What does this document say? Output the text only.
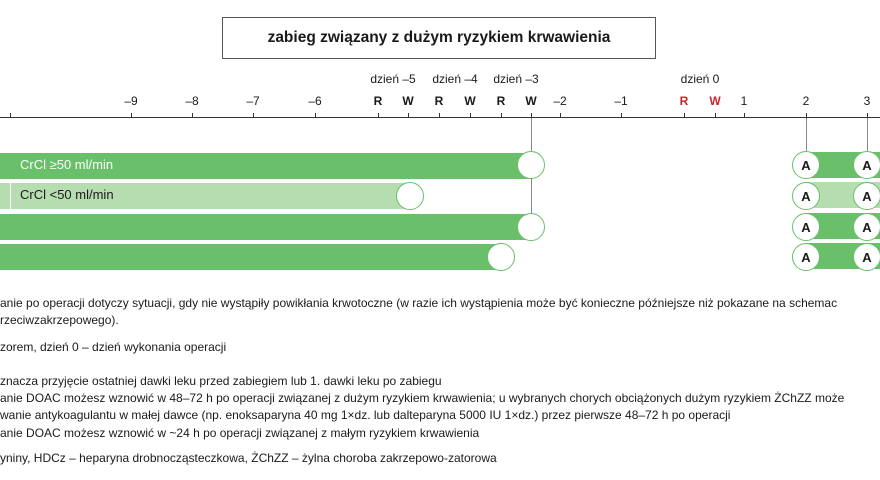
zabieg związany z dużym ryzykiem krwawienia
dzień –5 dzień –4 dzień –3	dzień 0
–9	–8	–7	–6	R W R W R W –2	–1	R W 1	2	3
CrCl ≥50 ml/min
CrCl <50 ml/min
A	A
A	A
A	A
A	A
anie po operacji dotyczy sytuacji, gdy nie wystąpiły powikłania krwotoczne (w razie ich wystąpienia może być konieczne późniejsze niż pokazane na schemac
rzeciwzakrzepowego).
zorem, dzień 0 – dzień wykonania operacji
znacza przyjęcie ostatniej dawki leku przed zabiegiem lub 1. dawki leku po zabiegu
anie DOAC możesz wznowić w 48–72 h po operacji związanej z dużym ryzykiem krwawienia; u wybranych chorych obciążonych dużym ryzykiem ŻChZZ może
wanie antykoagulantu w małej dawce (np. enoksaparyna 40 mg 1×dz. lub dalteparyna 5000 IU 1×dz.) przez pierwsze 48–72 h po operacji
anie DOAC możesz wznowić w ~24 h po operacji związanej z małym ryzykiem krwawienia
yniny, HDCz – heparyna drobnocząsteczkowa, ŻChZZ – żylna choroba zakrzepowo-zatorowa
